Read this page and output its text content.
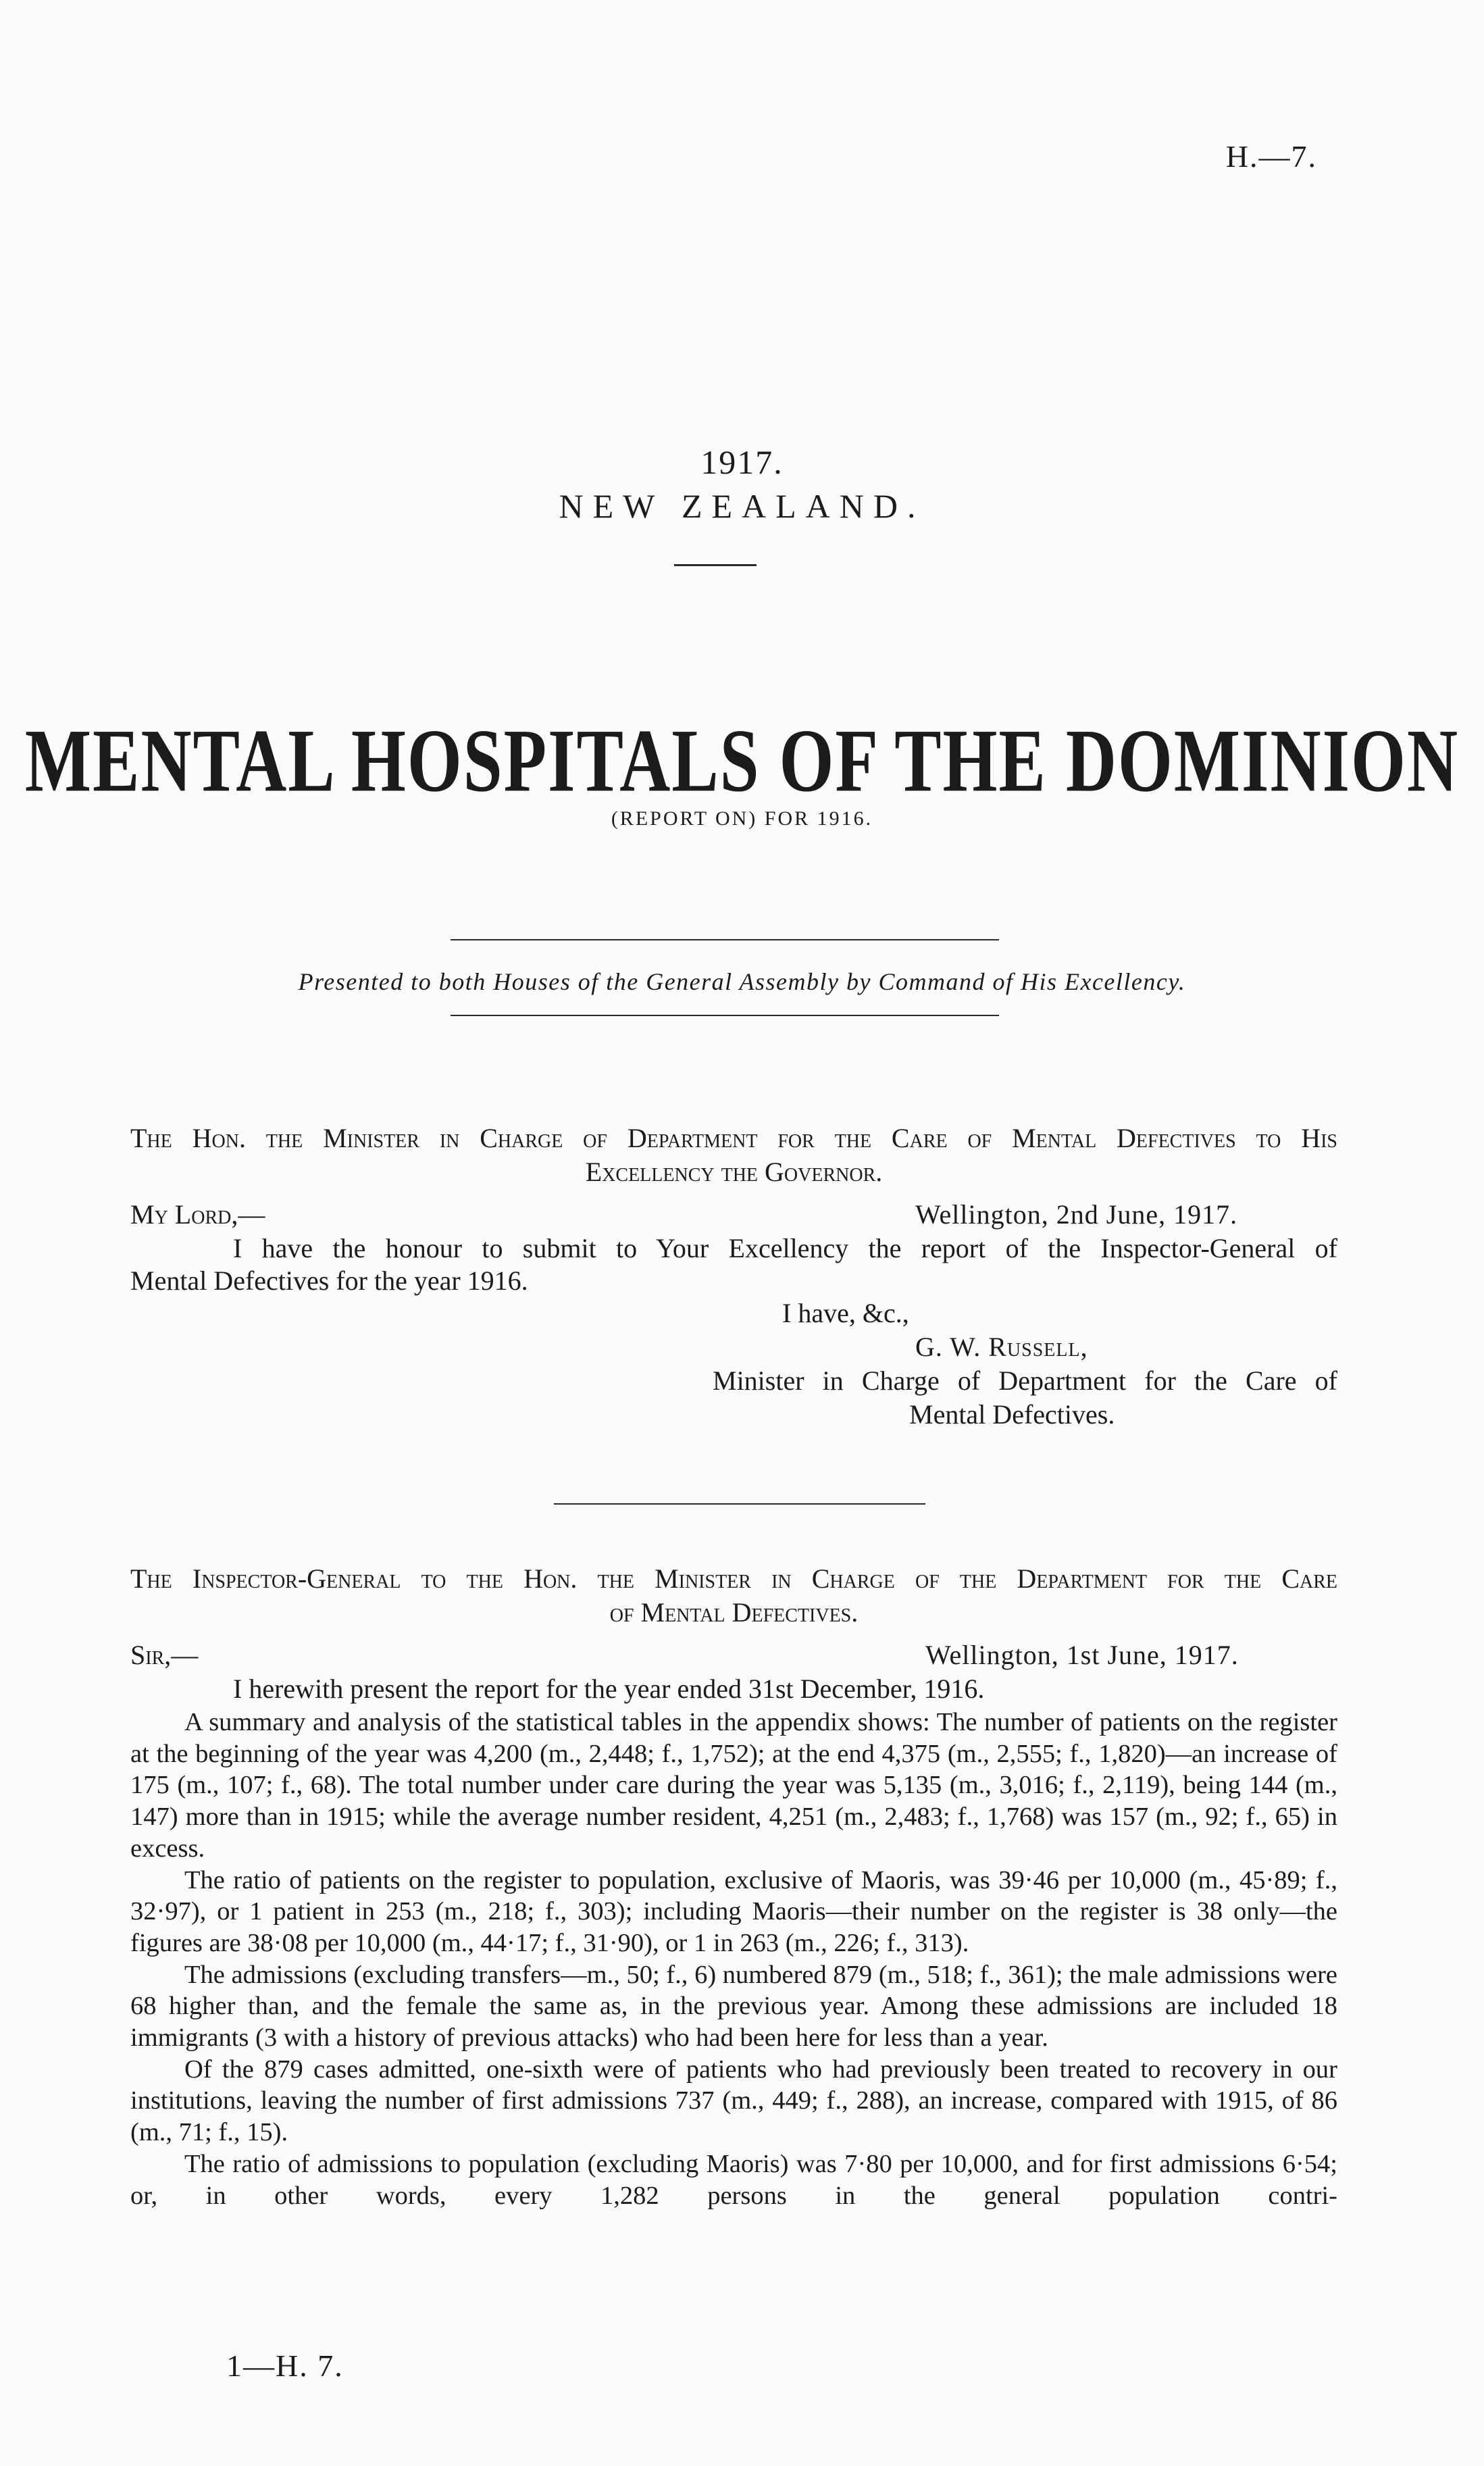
H.—7.
1917.
NEW ZEALAND.
MENTAL HOSPITALS OF THE DOMINION
(REPORT ON) FOR 1916.
Presented to both Houses of the General Assembly by Command of His Excellency.
The Hon. the Minister in Charge of Department for the Care of Mental Defectives to His
Excellency the Governor.
My Lord,—	Wellington, 2nd June, 1917.
I have the honour to submit to Your Excellency the report of the Inspector-General of
Mental Defectives for the year 1916.
I have, &c.,
G. W. Russell,
Minister in Charge of Department for the Care of
Mental Defectives.
The Inspector-General to the Hon. the Minister in Charge of the Department for the Care
of Mental Defectives.
Sir,—	Wellington, 1st June, 1917.
I herewith present the report for the year ended 31st December, 1916.

A summary and analysis of the statistical tables in the appendix shows: The number of patients on the register at the beginning of the year was 4,200 (m., 2,448; f., 1,752); at the end 4,375 (m., 2,555; f., 1,820)—an increase of 175 (m., 107; f., 68). The total number under care during the year was 5,135 (m., 3,016; f., 2,119), being 144 (m., 147) more than in 1915; while the average number resident, 4,251 (m., 2,483; f., 1,768) was 157 (m., 92; f., 65) in excess.

The ratio of patients on the register to population, exclusive of Maoris, was 39·46 per 10,000 (m., 45·89; f., 32·97), or 1 patient in 253 (m., 218; f., 303); including Maoris—their number on the register is 38 only—the figures are 38·08 per 10,000 (m., 44·17; f., 31·90), or 1 in 263 (m., 226; f., 313).

The admissions (excluding transfers—m., 50; f., 6) numbered 879 (m., 518; f., 361); the male admissions were 68 higher than, and the female the same as, in the previous year. Among these admissions are included 18 immigrants (3 with a history of previous attacks) who had been here for less than a year.

Of the 879 cases admitted, one-sixth were of patients who had previously been treated to recovery in our institutions, leaving the number of first admissions 737 (m., 449; f., 288), an increase, compared with 1915, of 86 (m., 71; f., 15).

The ratio of admissions to population (excluding Maoris) was 7·80 per 10,000, and for first admissions 6·54; or, in other words, every 1,282 persons in the general population contri-

1—H. 7.
